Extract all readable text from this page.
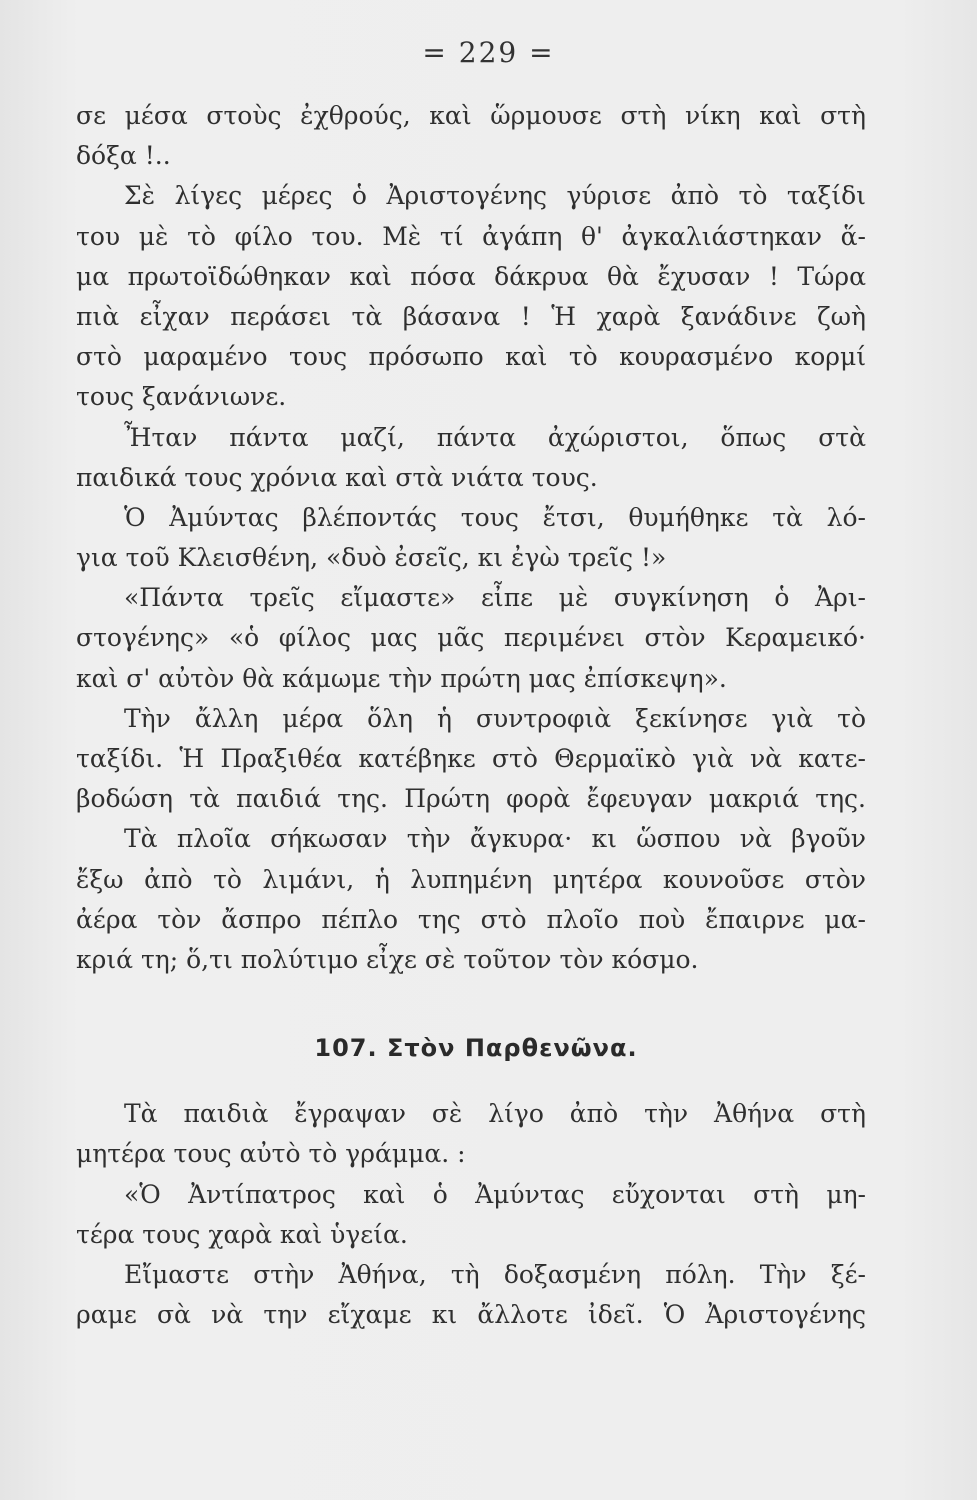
= 229 =
σε μέσα στοὺς ἐχθρούς, καὶ ὥρμουσε στὴ νίκη καὶ στὴ
δόξα !..
Σὲ λίγες μέρες ὁ Ἀριστογένης γύρισε ἀπὸ τὸ ταξίδι
του μὲ τὸ φίλο του. Μὲ τί ἀγάπη θ' ἀγκαλιάστηκαν ἅ-
μα πρωτοϊδώθηκαν καὶ πόσα δάκρυα θὰ ἔχυσαν ! Τώρα
πιὰ εἶχαν περάσει τὰ βάσανα ! Ἡ χαρὰ ξανάδινε ζωὴ
στὸ μαραμένο τους πρόσωπο καὶ τὸ κουρασμένο κορμί
τους ξανάνιωνε.
Ἦταν πάντα μαζί, πάντα ἀχώριστοι, ὅπως στὰ
παιδικά τους χρόνια καὶ στὰ νιάτα τους.
Ὁ Ἀμύντας βλέποντάς τους ἔτσι, θυμήθηκε τὰ λό-
για τοῦ Κλεισθένη, «δυὸ ἐσεῖς, κι ἐγὼ τρεῖς !»
«Πάντα τρεῖς εἴμαστε» εἶπε μὲ συγκίνηση ὁ Ἀρι-
στογένης» «ὁ φίλος μας μᾶς περιμένει στὸν Κεραμεικό·
καὶ σ' αὐτὸν θὰ κάμωμε τὴν πρώτη μας ἐπίσκεψη».
Τὴν ἄλλη μέρα ὅλη ἡ συντροφιὰ ξεκίνησε γιὰ τὸ
ταξίδι. Ἡ Πραξιθέα κατέβηκε στὸ Θερμαϊκὸ γιὰ νὰ κατε-
βοδώση τὰ παιδιά της. Πρώτη φορὰ ἔφευγαν μακριά της.
Τὰ πλοῖα σήκωσαν τὴν ἄγκυρα· κι ὥσπου νὰ βγοῦν
ἔξω ἀπὸ τὸ λιμάνι, ἡ λυπημένη μητέρα κουνοῦσε στὸν
ἀέρα τὸν ἄσπρο πέπλο της στὸ πλοῖο ποὺ ἔπαιρνε μα-
κριά τη; ὅ,τι πολύτιμο εἶχε σὲ τοῦτον τὸν κόσμο.
107. Στὸν Παρθενῶνα.
Τὰ παιδιὰ ἔγραψαν σὲ λίγο ἀπὸ τὴν Ἀθήνα στὴ
μητέρα τους αὐτὸ τὸ γράμμα. :
«Ὁ Ἀντίπατρος καὶ ὁ Ἀμύντας εὔχονται στὴ μη-
τέρα τους χαρὰ καὶ ὑγεία.
Εἴμαστε στὴν Ἀθήνα, τὴ δοξασμένη πόλη. Τὴν ξέ-
ραμε σὰ νὰ την εἴχαμε κι ἄλλοτε ἰδεῖ. Ὁ Ἀριστογένης
